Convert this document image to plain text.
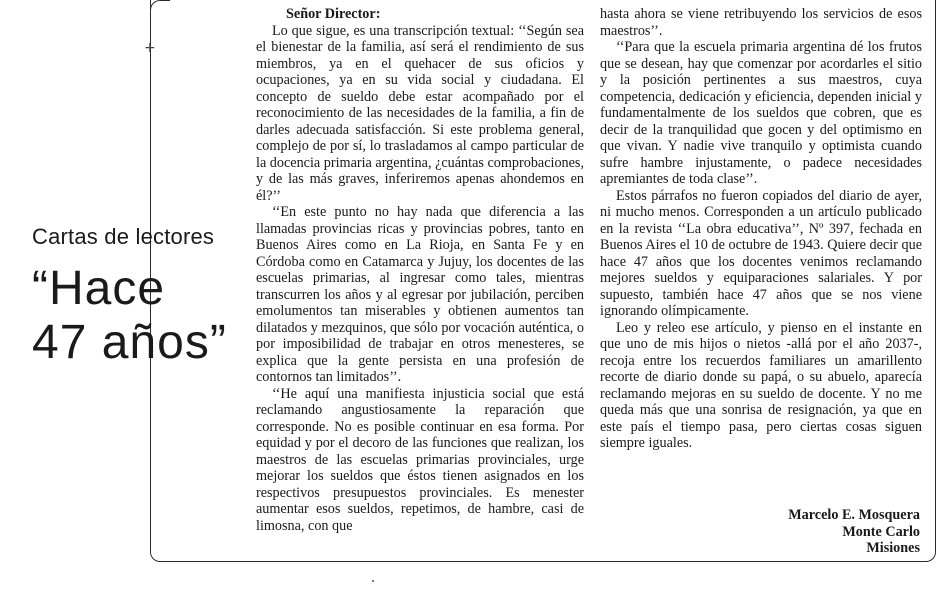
+
Cartas de lectores
“Hace
47 años”

Señor Director:

Lo que sigue, es una transcripción textual: ‘‘Según sea el bienestar de la familia, así será el rendimiento de sus miembros, ya en el quehacer de sus oficios y ocupaciones, ya en su vida social y ciudadana. El concepto de sueldo debe estar acompañado por el reconocimiento de las necesidades de la familia, a fin de darles adecuada satisfacción. Si este problema general, complejo de por sí, lo trasladamos al campo particular de la docencia primaria argentina, ¿cuántas comprobaciones, y de las más graves, inferiremos apenas ahondemos en él?’’

‘‘En este punto no hay nada que diferencia a las llamadas provincias ricas y provincias pobres, tanto en Buenos Aires como en La Rioja, en Santa Fe y en Córdoba como en Catamarca y Jujuy, los docentes de las escuelas primarias, al ingresar como tales, mientras transcurren los años y al egresar por jubilación, perciben emolumentos tan miserables y obtienen aumentos tan dilatados y mezquinos, que sólo por vocación auténtica, o por imposibilidad de trabajar en otros menesteres, se explica que la gente persista en una profesión de contornos tan limitados’’.

‘‘He aquí una manifiesta injusticia social que está reclamando angustiosamente la reparación que corresponde. No es posible continuar en esa forma. Por equidad y por el decoro de las funciones que realizan, los maestros de las escuelas primarias provinciales, urge mejorar los sueldos que éstos tienen asignados en los respectivos presupuestos provinciales. Es menester aumentar esos sueldos, repetimos, de hambre, casi de limosna, con que

hasta ahora se viene retribuyendo los servicios de esos maestros’’.

‘‘Para que la escuela primaria argentina dé los frutos que se desean, hay que comenzar por acordarles el sitio y la posición pertinentes a sus maestros, cuya competencia, dedicación y eficiencia, dependen inicial y fundamentalmente de los sueldos que cobren, que es decir de la tranquilidad que gocen y del optimismo en que vivan. Y nadie vive tranquilo y optimista cuando sufre hambre injustamente, o padece necesidades apremiantes de toda clase’’.

Estos párrafos no fueron copiados del diario de ayer, ni mucho menos. Corresponden a un artículo publicado en la revista ‘‘La obra educativa’’, Nº 397, fechada en Buenos Aires el 10 de octubre de 1943. Quiere decir que hace 47 años que los docentes venimos reclamando mejores sueldos y equiparaciones salariales. Y por supuesto, también hace 47 años que se nos viene ignorando olímpicamente.

Leo y releo ese artículo, y pienso en el instante en que uno de mis hijos o nietos -allá por el año 2037-, recoja entre los recuerdos familiares un amarillento recorte de diario donde su papá, o su abuelo, aparecía reclamando mejoras en su sueldo de docente. Y no me queda más que una sonrisa de resignación, ya que en este país el tiempo pasa, pero ciertas cosas siguen siempre iguales.

Marcelo E. Mosquera
Monte Carlo
Misiones
